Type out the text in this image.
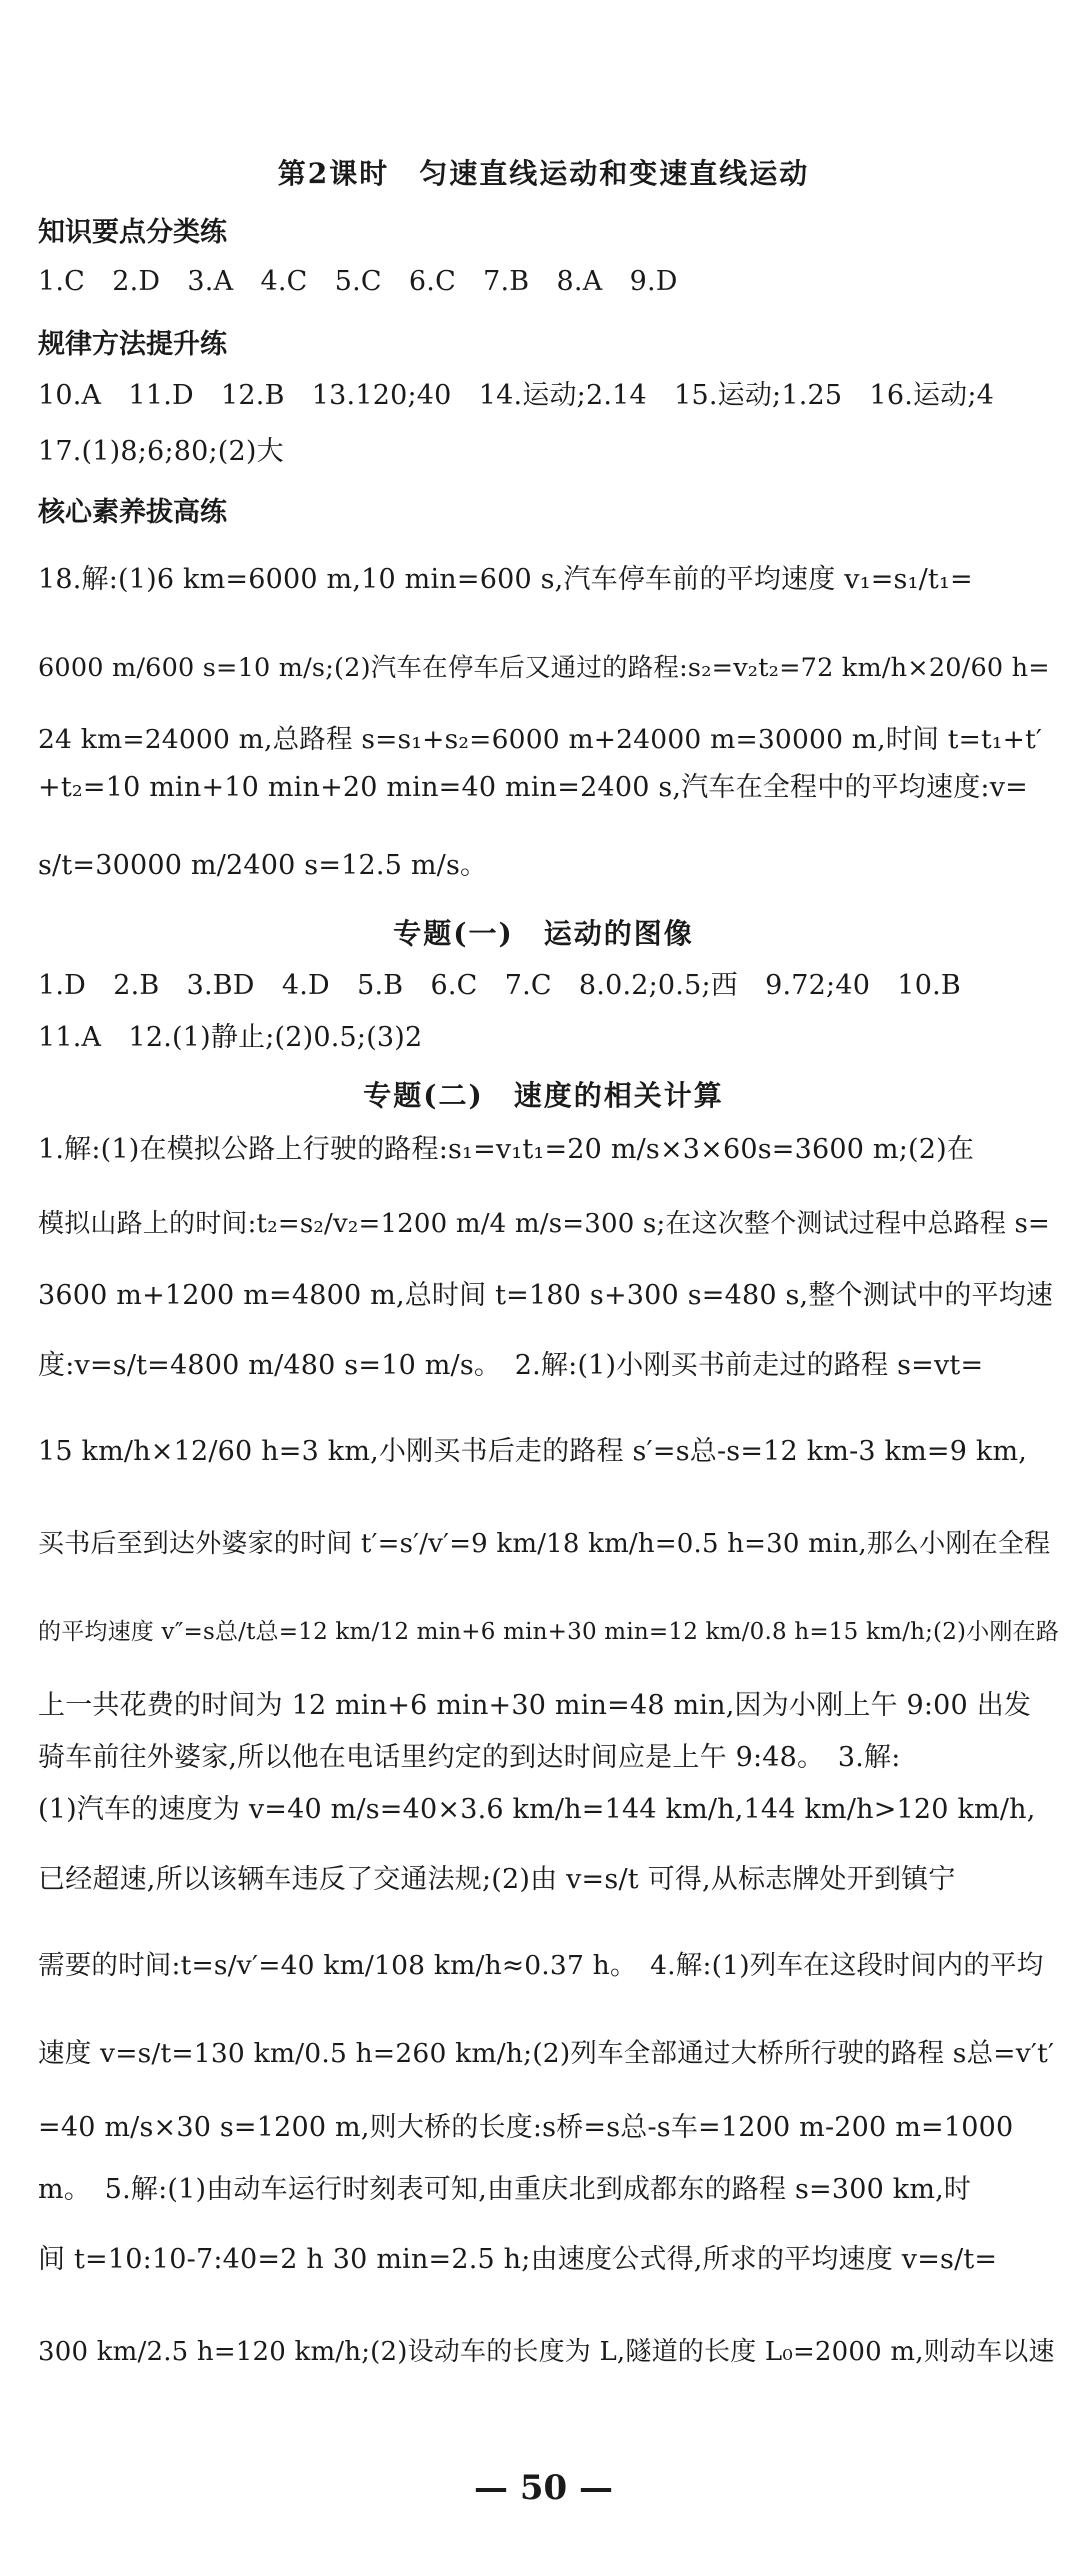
第2课时　匀速直线运动和变速直线运动
知识要点分类练
1.C　2.D　3.A　4.C　5.C　6.C　7.B　8.A　9.D
规律方法提升练
10.A　11.D　12.B　13.120;40　14.运动;2.14　15.运动;1.25　16.运动;4
17.(1)8;6;80;(2)大
核心素养拔高练
18.解:(1)6 km=6000 m,10 min=600 s,汽车停车前的平均速度 v₁=s₁/t₁=
6000 m/600 s=10 m/s;(2)汽车在停车后又通过的路程:s₂=v₂t₂=72 km/h×20/60 h=
24 km=24000 m,总路程 s=s₁+s₂=6000 m+24000 m=30000 m,时间 t=t₁+t′
+t₂=10 min+10 min+20 min=40 min=2400 s,汽车在全程中的平均速度:v=
s/t=30000 m/2400 s=12.5 m/s。
专题(一)　运动的图像
1.D　2.B　3.BD　4.D　5.B　6.C　7.C　8.0.2;0.5;西　9.72;40　10.B
11.A　12.(1)静止;(2)0.5;(3)2
专题(二)　速度的相关计算
1.解:(1)在模拟公路上行驶的路程:s₁=v₁t₁=20 m/s×3×60s=3600 m;(2)在
模拟山路上的时间:t₂=s₂/v₂=1200 m/4 m/s=300 s;在这次整个测试过程中总路程 s=
3600 m+1200 m=4800 m,总时间 t=180 s+300 s=480 s,整个测试中的平均速
度:v=s/t=4800 m/480 s=10 m/s。　2.解:(1)小刚买书前走过的路程 s=vt=
15 km/h×12/60 h=3 km,小刚买书后走的路程 s′=s总-s=12 km-3 km=9 km,
买书后至到达外婆家的时间 t′=s′/v′=9 km/18 km/h=0.5 h=30 min,那么小刚在全程
的平均速度 v″=s总/t总=12 km/12 min+6 min+30 min=12 km/0.8 h=15 km/h;(2)小刚在路
上一共花费的时间为 12 min+6 min+30 min=48 min,因为小刚上午 9:00 出发
骑车前往外婆家,所以他在电话里约定的到达时间应是上午 9:48。　3.解:
(1)汽车的速度为 v=40 m/s=40×3.6 km/h=144 km/h,144 km/h>120 km/h,
已经超速,所以该辆车违反了交通法规;(2)由 v=s/t 可得,从标志牌处开到镇宁
需要的时间:t=s/v′=40 km/108 km/h≈0.37 h。　4.解:(1)列车在这段时间内的平均
速度 v=s/t=130 km/0.5 h=260 km/h;(2)列车全部通过大桥所行驶的路程 s总=v′t′
=40 m/s×30 s=1200 m,则大桥的长度:s桥=s总-s车=1200 m-200 m=1000
m。　5.解:(1)由动车运行时刻表可知,由重庆北到成都东的路程 s=300 km,时
间 t=10:10-7:40=2 h 30 min=2.5 h;由速度公式得,所求的平均速度 v=s/t=
300 km/2.5 h=120 km/h;(2)设动车的长度为 L,隧道的长度 L₀=2000 m,则动车以速
— 50 —
